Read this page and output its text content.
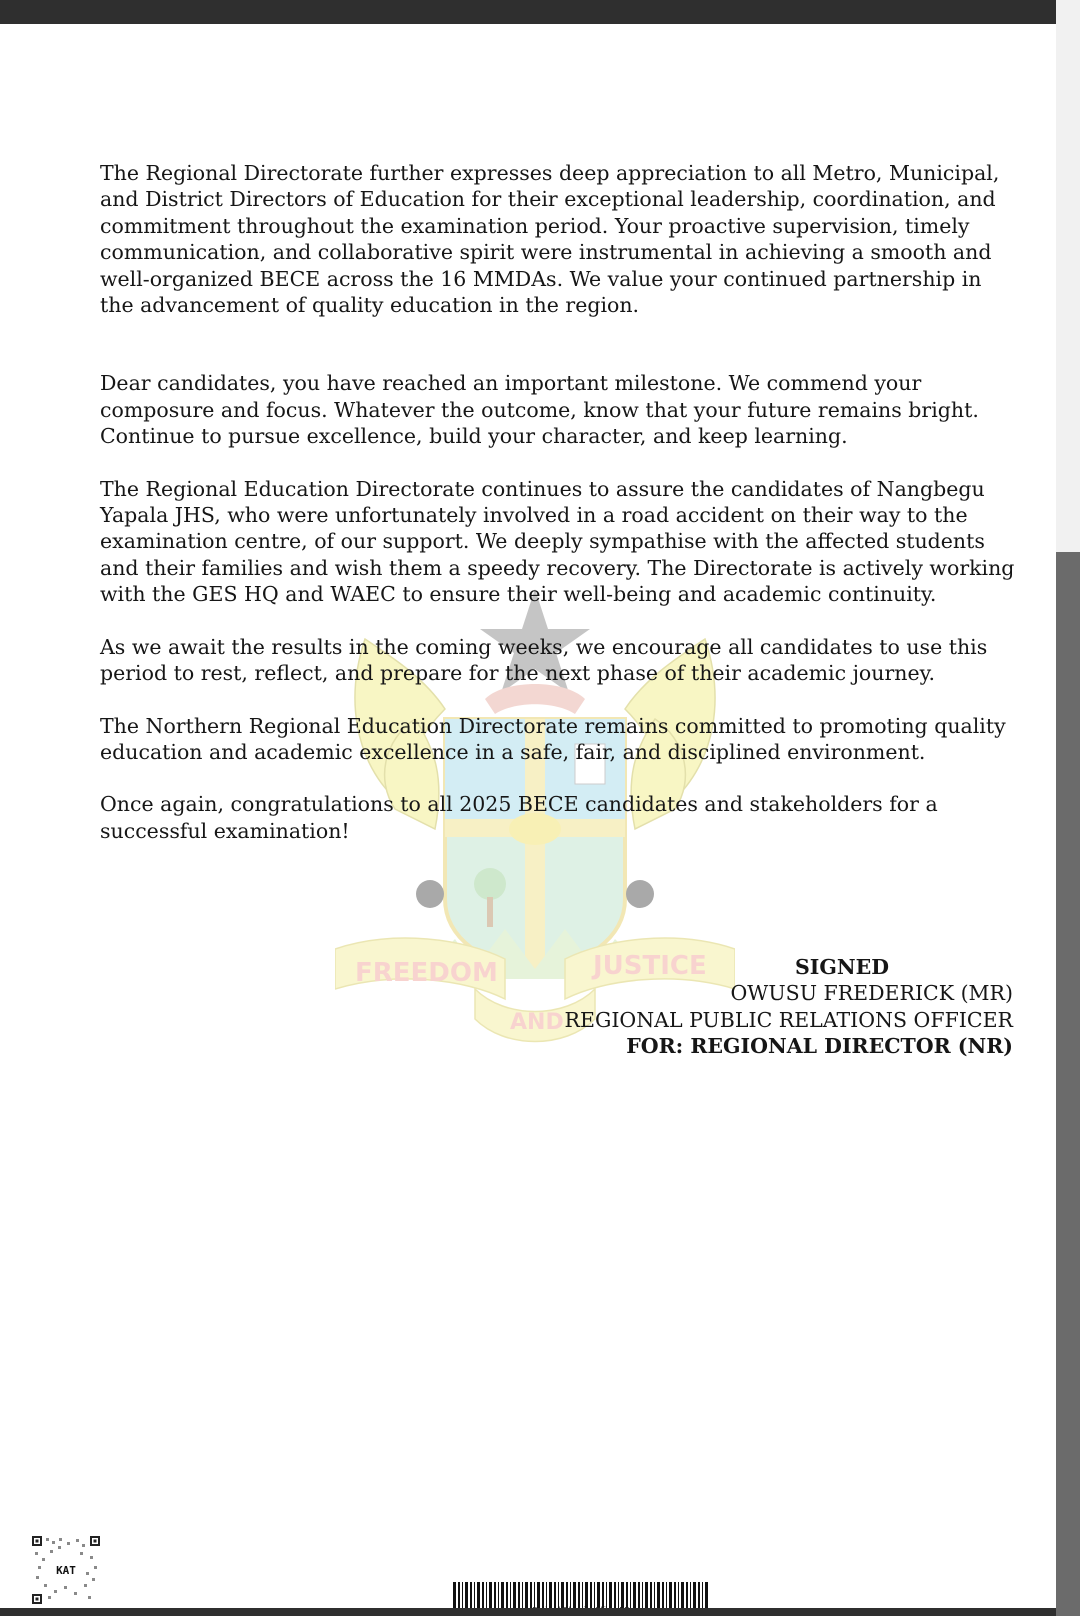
FREEDOM
AND
JUSTICE

The Regional Directorate further expresses deep appreciation to all Metro, Municipal, and District Directors of Education for their exceptional leadership, coordination, and commitment throughout the examination period. Your proactive supervision, timely communication, and collaborative spirit were instrumental in achieving a smooth and well-organized BECE across the 16 MMDAs. We value your continued partnership in the advancement of quality education in the region.

Dear candidates, you have reached an important milestone. We commend your composure and focus. Whatever the outcome, know that your future remains bright. Continue to pursue excellence, build your character, and keep learning.

The Regional Education Directorate continues to assure the candidates of Nangbegu Yapala JHS, who were unfortunately involved in a road accident on their way to the examination centre, of our support. We deeply sympathise with the affected students and their families and wish them a speedy recovery. The Directorate is actively working with the GES HQ and WAEC to ensure their well-being and academic continuity.

As we await the results in the coming weeks, we encourage all candidates to use this period to rest, reflect, and prepare for the next phase of their academic journey.

The Northern Regional Education Directorate remains committed to promoting quality education and academic excellence in a safe, fair, and disciplined environment.

Once again, congratulations to all 2025 BECE candidates and stakeholders for a successful examination!

SIGNED
OWUSU FREDERICK (MR)
REGIONAL PUBLIC RELATIONS OFFICER
FOR: REGIONAL DIRECTOR (NR)
KAT
